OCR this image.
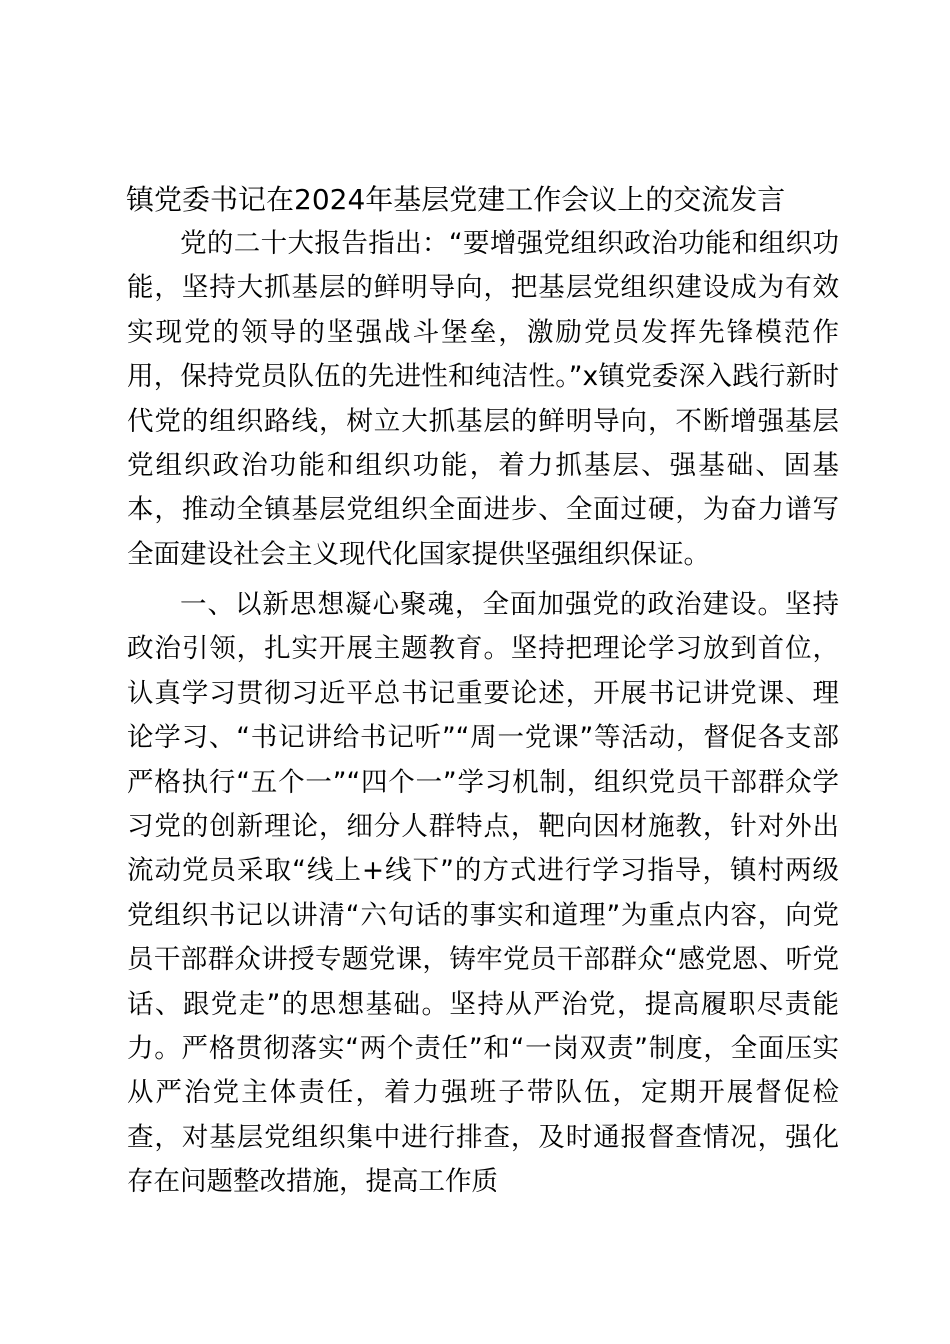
镇党委书记在2024年基层党建工作会议上的交流发言

党的二十大报告指出：“要增强党组织政治功能和组织功能，坚持大抓基层的鲜明导向，把基层党组织建设成为有效实现党的领导的坚强战斗堡垒，激励党员发挥先锋模范作用，保持党员队伍的先进性和纯洁性。”x镇党委深入践行新时代党的组织路线，树立大抓基层的鲜明导向，不断增强基层党组织政治功能和组织功能，着力抓基层、强基础、固基本，推动全镇基层党组织全面进步、全面过硬，为奋力谱写全面建设社会主义现代化国家提供坚强组织保证。

一、以新思想凝心聚魂，全面加强党的政治建设。坚持政治引领，扎实开展主题教育。坚持把理论学习放到首位，认真学习贯彻习近平总书记重要论述，开展书记讲党课、理论学习、“书记讲给书记听”“周一党课”等活动，督促各支部严格执行“五个一”“四个一”学习机制，组织党员干部群众学习党的创新理论，细分人群特点，靶向因材施教，针对外出流动党员采取“线上+线下”的方式进行学习指导，镇村两级党组织书记以讲清“六句话的事实和道理”为重点内容，向党员干部群众讲授专题党课，铸牢党员干部群众“感党恩、听党话、跟党走”的思想基础。坚持从严治党，提高履职尽责能力。严格贯彻落实“两个责任”和“一岗双责”制度，全面压实从严治党主体责任，着力强班子带队伍，定期开展督促检查，对基层党组织集中进行排查，及时通报督查情况，强化存在问题整改措施，提高工作质
